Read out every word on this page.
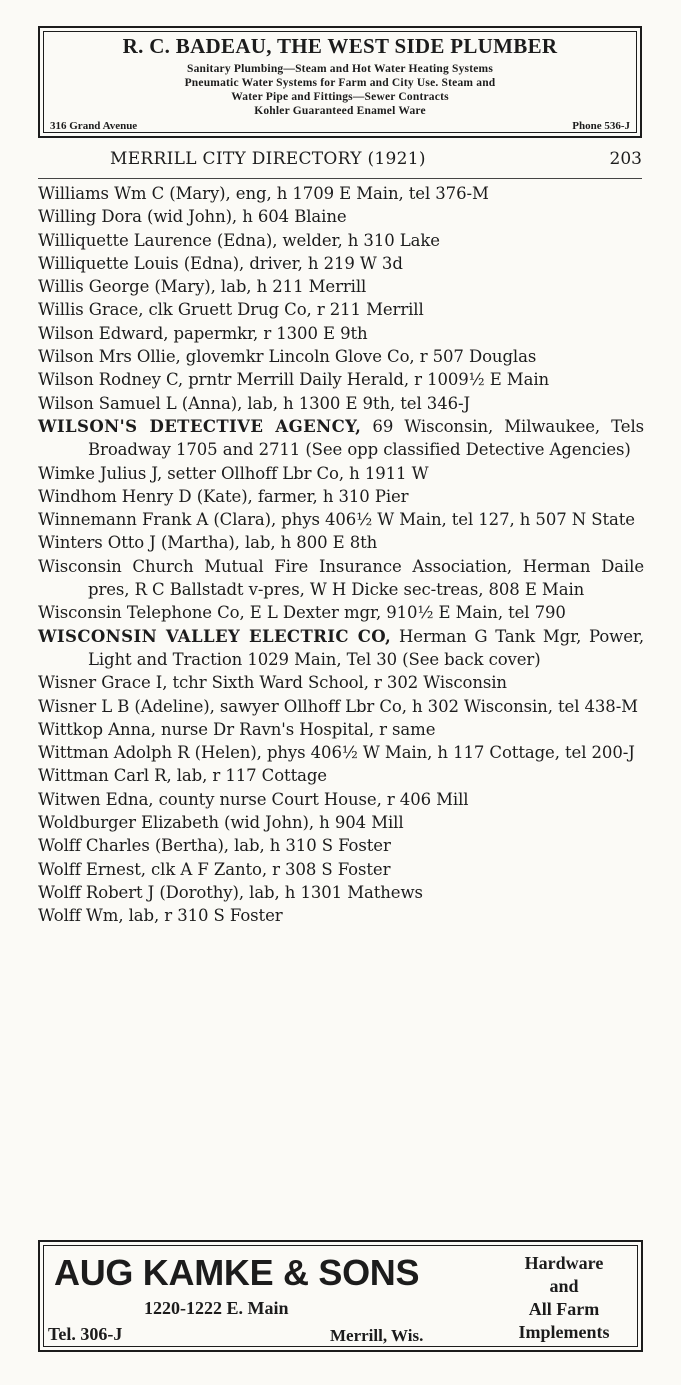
R. C. BADEAU, THE WEST SIDE PLUMBER
Sanitary Plumbing—Steam and Hot Water Heating Systems
Pneumatic Water Systems for Farm and City Use. Steam and
Water Pipe and Fittings—Sewer Contracts
Kohler Guaranteed Enamel Ware
316 Grand Avenue	Phone 536-J
MERRILL CITY DIRECTORY (1921)	203
Williams Wm C (Mary), eng, h 1709 E Main, tel 376-M
Willing Dora (wid John), h 604 Blaine
Williquette Laurence (Edna), welder, h 310 Lake
Williquette Louis (Edna), driver, h 219 W 3d
Willis George (Mary), lab, h 211 Merrill
Willis Grace, clk Gruett Drug Co, r 211 Merrill
Wilson Edward, papermkr, r 1300 E 9th
Wilson Mrs Ollie, glovemkr Lincoln Glove Co, r 507 Douglas
Wilson Rodney C, prntr Merrill Daily Herald, r 1009½ E Main
Wilson Samuel L (Anna), lab, h 1300 E 9th, tel 346-J
WILSON'S DETECTIVE AGENCY, 69 Wisconsin, Milwaukee, Tels Broadway 1705 and 2711 (See opp classified Detective Agencies)
Wimke Julius J, setter Ollhoff Lbr Co, h 1911 W
Windhom Henry D (Kate), farmer, h 310 Pier
Winnemann Frank A (Clara), phys 406½ W Main, tel 127, h 507 N State
Winters Otto J (Martha), lab, h 800 E 8th
Wisconsin Church Mutual Fire Insurance Association, Herman Daile pres, R C Ballstadt v-pres, W H Dicke sec-treas, 808 E Main
Wisconsin Telephone Co, E L Dexter mgr, 910½ E Main, tel 790
WISCONSIN VALLEY ELECTRIC CO, Herman G Tank Mgr, Power, Light and Traction 1029 Main, Tel 30 (See back cover)
Wisner Grace I, tchr Sixth Ward School, r 302 Wisconsin
Wisner L B (Adeline), sawyer Ollhoff Lbr Co, h 302 Wisconsin, tel 438-M
Wittkop Anna, nurse Dr Ravn's Hospital, r same
Wittman Adolph R (Helen), phys 406½ W Main, h 117 Cottage, tel 200-J
Wittman Carl R, lab, r 117 Cottage
Witwen Edna, county nurse Court House, r 406 Mill
Woldburger Elizabeth (wid John), h 904 Mill
Wolff Charles (Bertha), lab, h 310 S Foster
Wolff Ernest, clk A F Zanto, r 308 S Foster
Wolff Robert J (Dorothy), lab, h 1301 Mathews
Wolff Wm, lab, r 310 S Foster
AUG KAMKE & SONS
1220-1222 E. Main
Tel. 306-J	Merrill, Wis.
Hardware
and
All Farm
Implements
